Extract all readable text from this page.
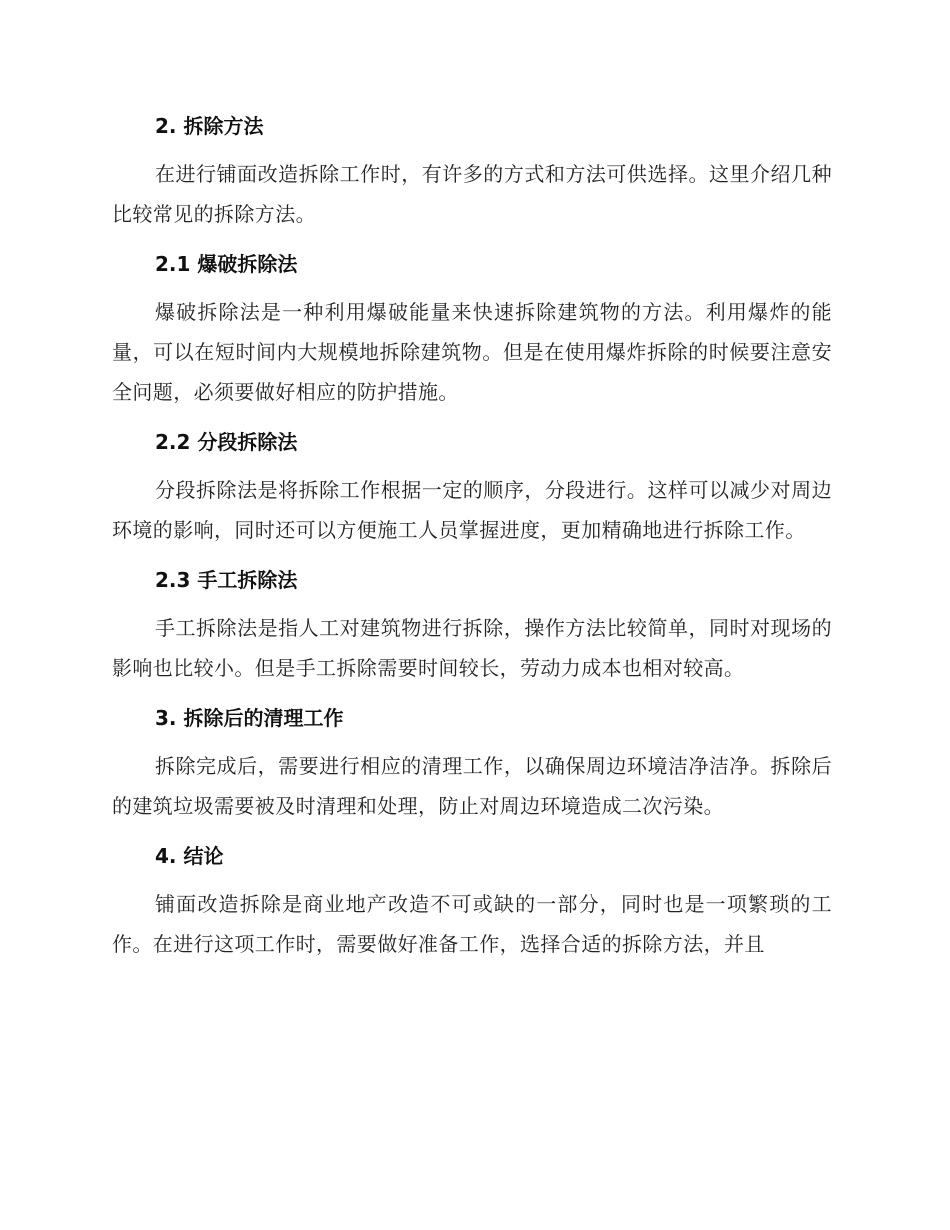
2. 拆除方法

在进行铺面改造拆除工作时，有许多的方式和方法可供选择。这里介绍几种比较常见的拆除方法。

2.1 爆破拆除法

爆破拆除法是一种利用爆破能量来快速拆除建筑物的方法。利用爆炸的能量，可以在短时间内大规模地拆除建筑物。但是在使用爆炸拆除的时候要注意安全问题，必须要做好相应的防护措施。

2.2 分段拆除法

分段拆除法是将拆除工作根据一定的顺序，分段进行。这样可以减少对周边环境的影响，同时还可以方便施工人员掌握进度，更加精确地进行拆除工作。

2.3 手工拆除法

手工拆除法是指人工对建筑物进行拆除，操作方法比较简单，同时对现场的影响也比较小。但是手工拆除需要时间较长，劳动力成本也相对较高。

3. 拆除后的清理工作

拆除完成后，需要进行相应的清理工作，以确保周边环境洁净洁净。拆除后的建筑垃圾需要被及时清理和处理，防止对周边环境造成二次污染。

4. 结论

铺面改造拆除是商业地产改造不可或缺的一部分，同时也是一项繁琐的工作。在进行这项工作时，需要做好准备工作，选择合适的拆除方法，并且
